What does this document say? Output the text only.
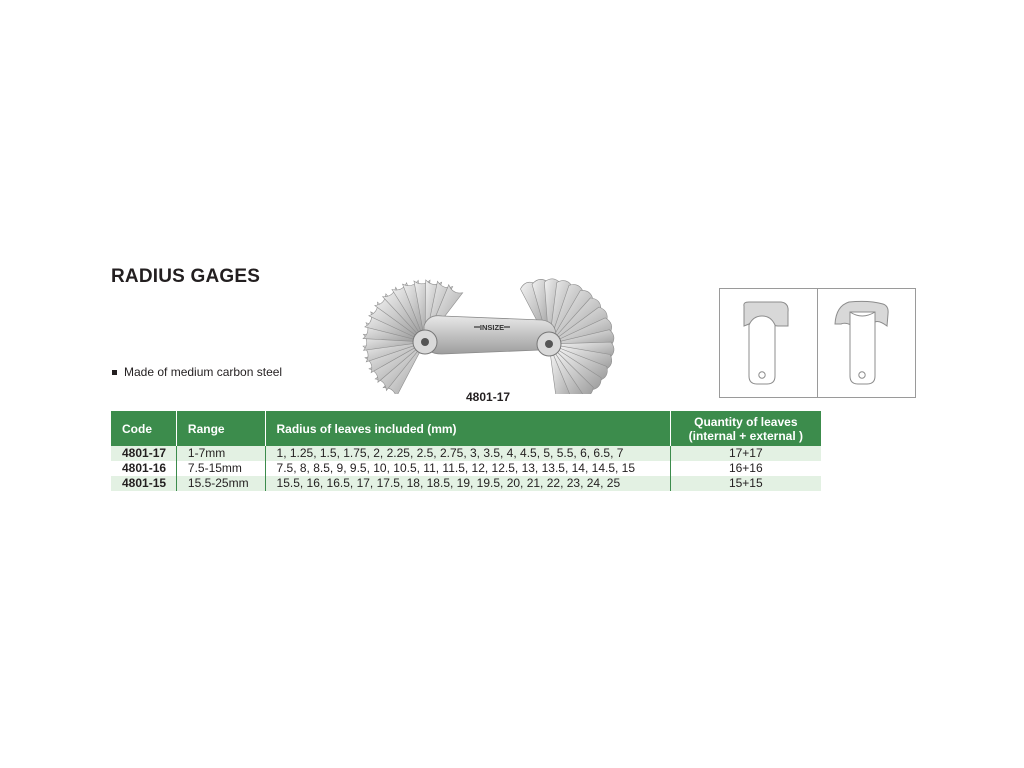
RADIUS GAGES
Made of medium carbon steel
INSIZE
4801-17
Code	Range	Radius of leaves included (mm)	Quantity of leaves
(internal + external )

4801-17	1-7mm	1, 1.25, 1.5, 1.75, 2, 2.25, 2.5, 2.75, 3, 3.5, 4, 4.5, 5, 5.5, 6, 6.5, 7	17+17
4801-16	7.5-15mm	7.5, 8, 8.5, 9, 9.5, 10, 10.5, 11, 11.5, 12, 12.5, 13, 13.5, 14, 14.5, 15	16+16
4801-15	15.5-25mm	15.5, 16, 16.5, 17, 17.5, 18, 18.5, 19, 19.5, 20, 21, 22, 23, 24, 25	15+15
